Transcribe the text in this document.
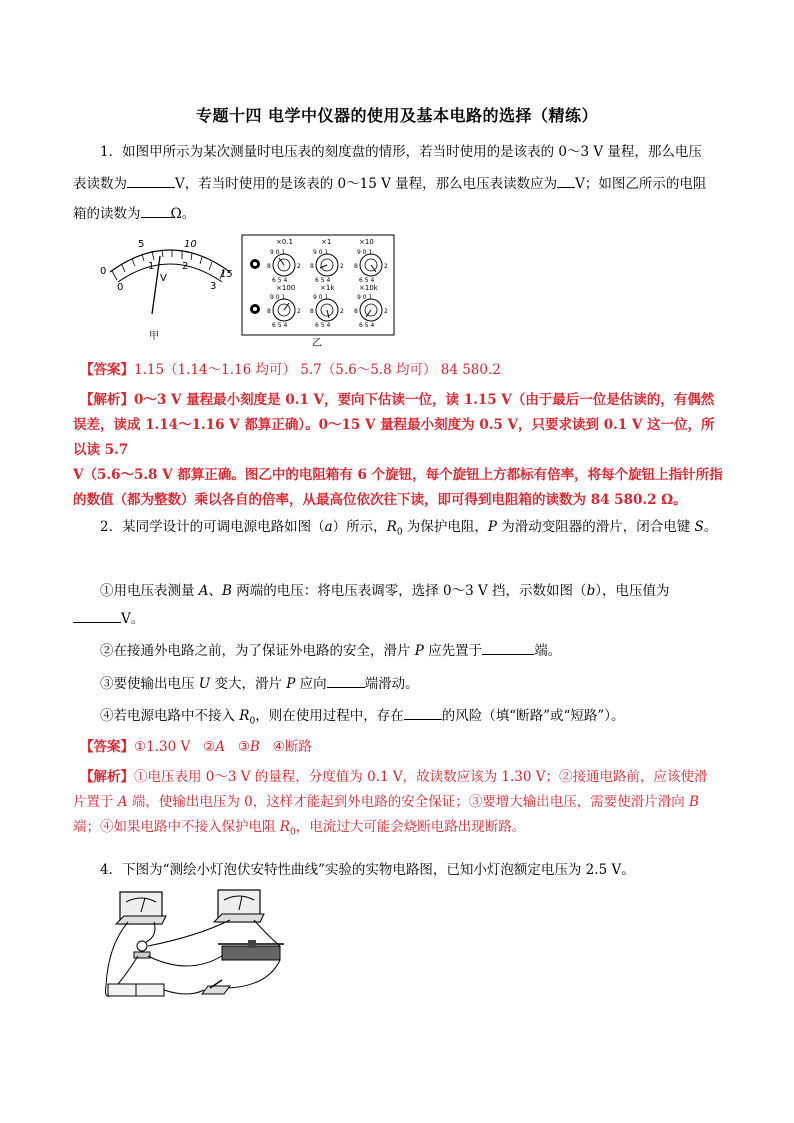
专题十四 电学中仪器的使用及基本电路的选择（精练）
1．如图甲所示为某次测量时电压表的刻度盘的情形，若当时使用的是该表的 0～3 V 量程，那么电压
表读数为	V，若当时使用的是该表的 0～15 V 量程，那么电压表读数应为 V；如图乙所示的电阻
箱的读数为 Ω。
5	10
15
0
0
1	2
3
V
甲
×0.1	×1	×10
9 0 1	9 0 1	9 0 1
8	2 8	2 8	2
6 5 4	6 5 4	6 5 4
×100	×1k	×10k
9 0 1	9 0 1	9 0 1
8	2 8	2 8	2
6 5 4	6 5 4	6 5 4
乙
【答案】1.15（1.14～1.16 均可） 5.7（5.6～5.8 均可） 84 580.2
【解析】0～3 V 量程最小刻度是 0.1 V，要向下估读一位，读 1.15 V（由于最后一位是估读的，有偶然
误差，读成 1.14～1.16 V 都算正确）。0～15 V 量程最小刻度为 0.5 V，只要求读到 0.1 V 这一位，所以读 5.7
V（5.6～5.8 V 都算正确。图乙中的电阻箱有 6 个旋钮，每个旋钮上方都标有倍率，将每个旋钮上指针所指
的数值（都为整数）乘以各自的倍率，从最高位依次往下读，即可得到电阻箱的读数为 84 580.2 Ω。
2．某同学设计的可调电源电路如图（a）所示，$R_0$ 为保护电阻，P 为滑动变阻器的滑片，闭合电键 S。
①用电压表测量 A、B 两端的电压：将电压表调零，选择 0～3 V 挡，示数如图（b），电压值为
V。
②在接通外电路之前，为了保证外电路的安全，滑片 P 应先置于	端。
③要使输出电压 U 变大，滑片 P 应向	端滑动。
④若电源电路中不接入 $R_0$，则在使用过程中，存在	的风险（填“断路”或“短路”）。
【答案】①1.30 V ②A ③B ④断路
【解析】①电压表用 0～3 V 的量程，分度值为 0.1 V，故读数应该为 1.30 V；②接通电路前，应该使滑
片置于 A 端，使输出电压为 0，这样才能起到外电路的安全保证；③要增大输出电压，需要使滑片滑向 B
端；④如果电路中不接入保护电阻 $R_0$，电流过大可能会烧断电路出现断路。
4．下图为“测绘小灯泡伏安特性曲线”实验的实物电路图，已知小灯泡额定电压为 2.5 V。
